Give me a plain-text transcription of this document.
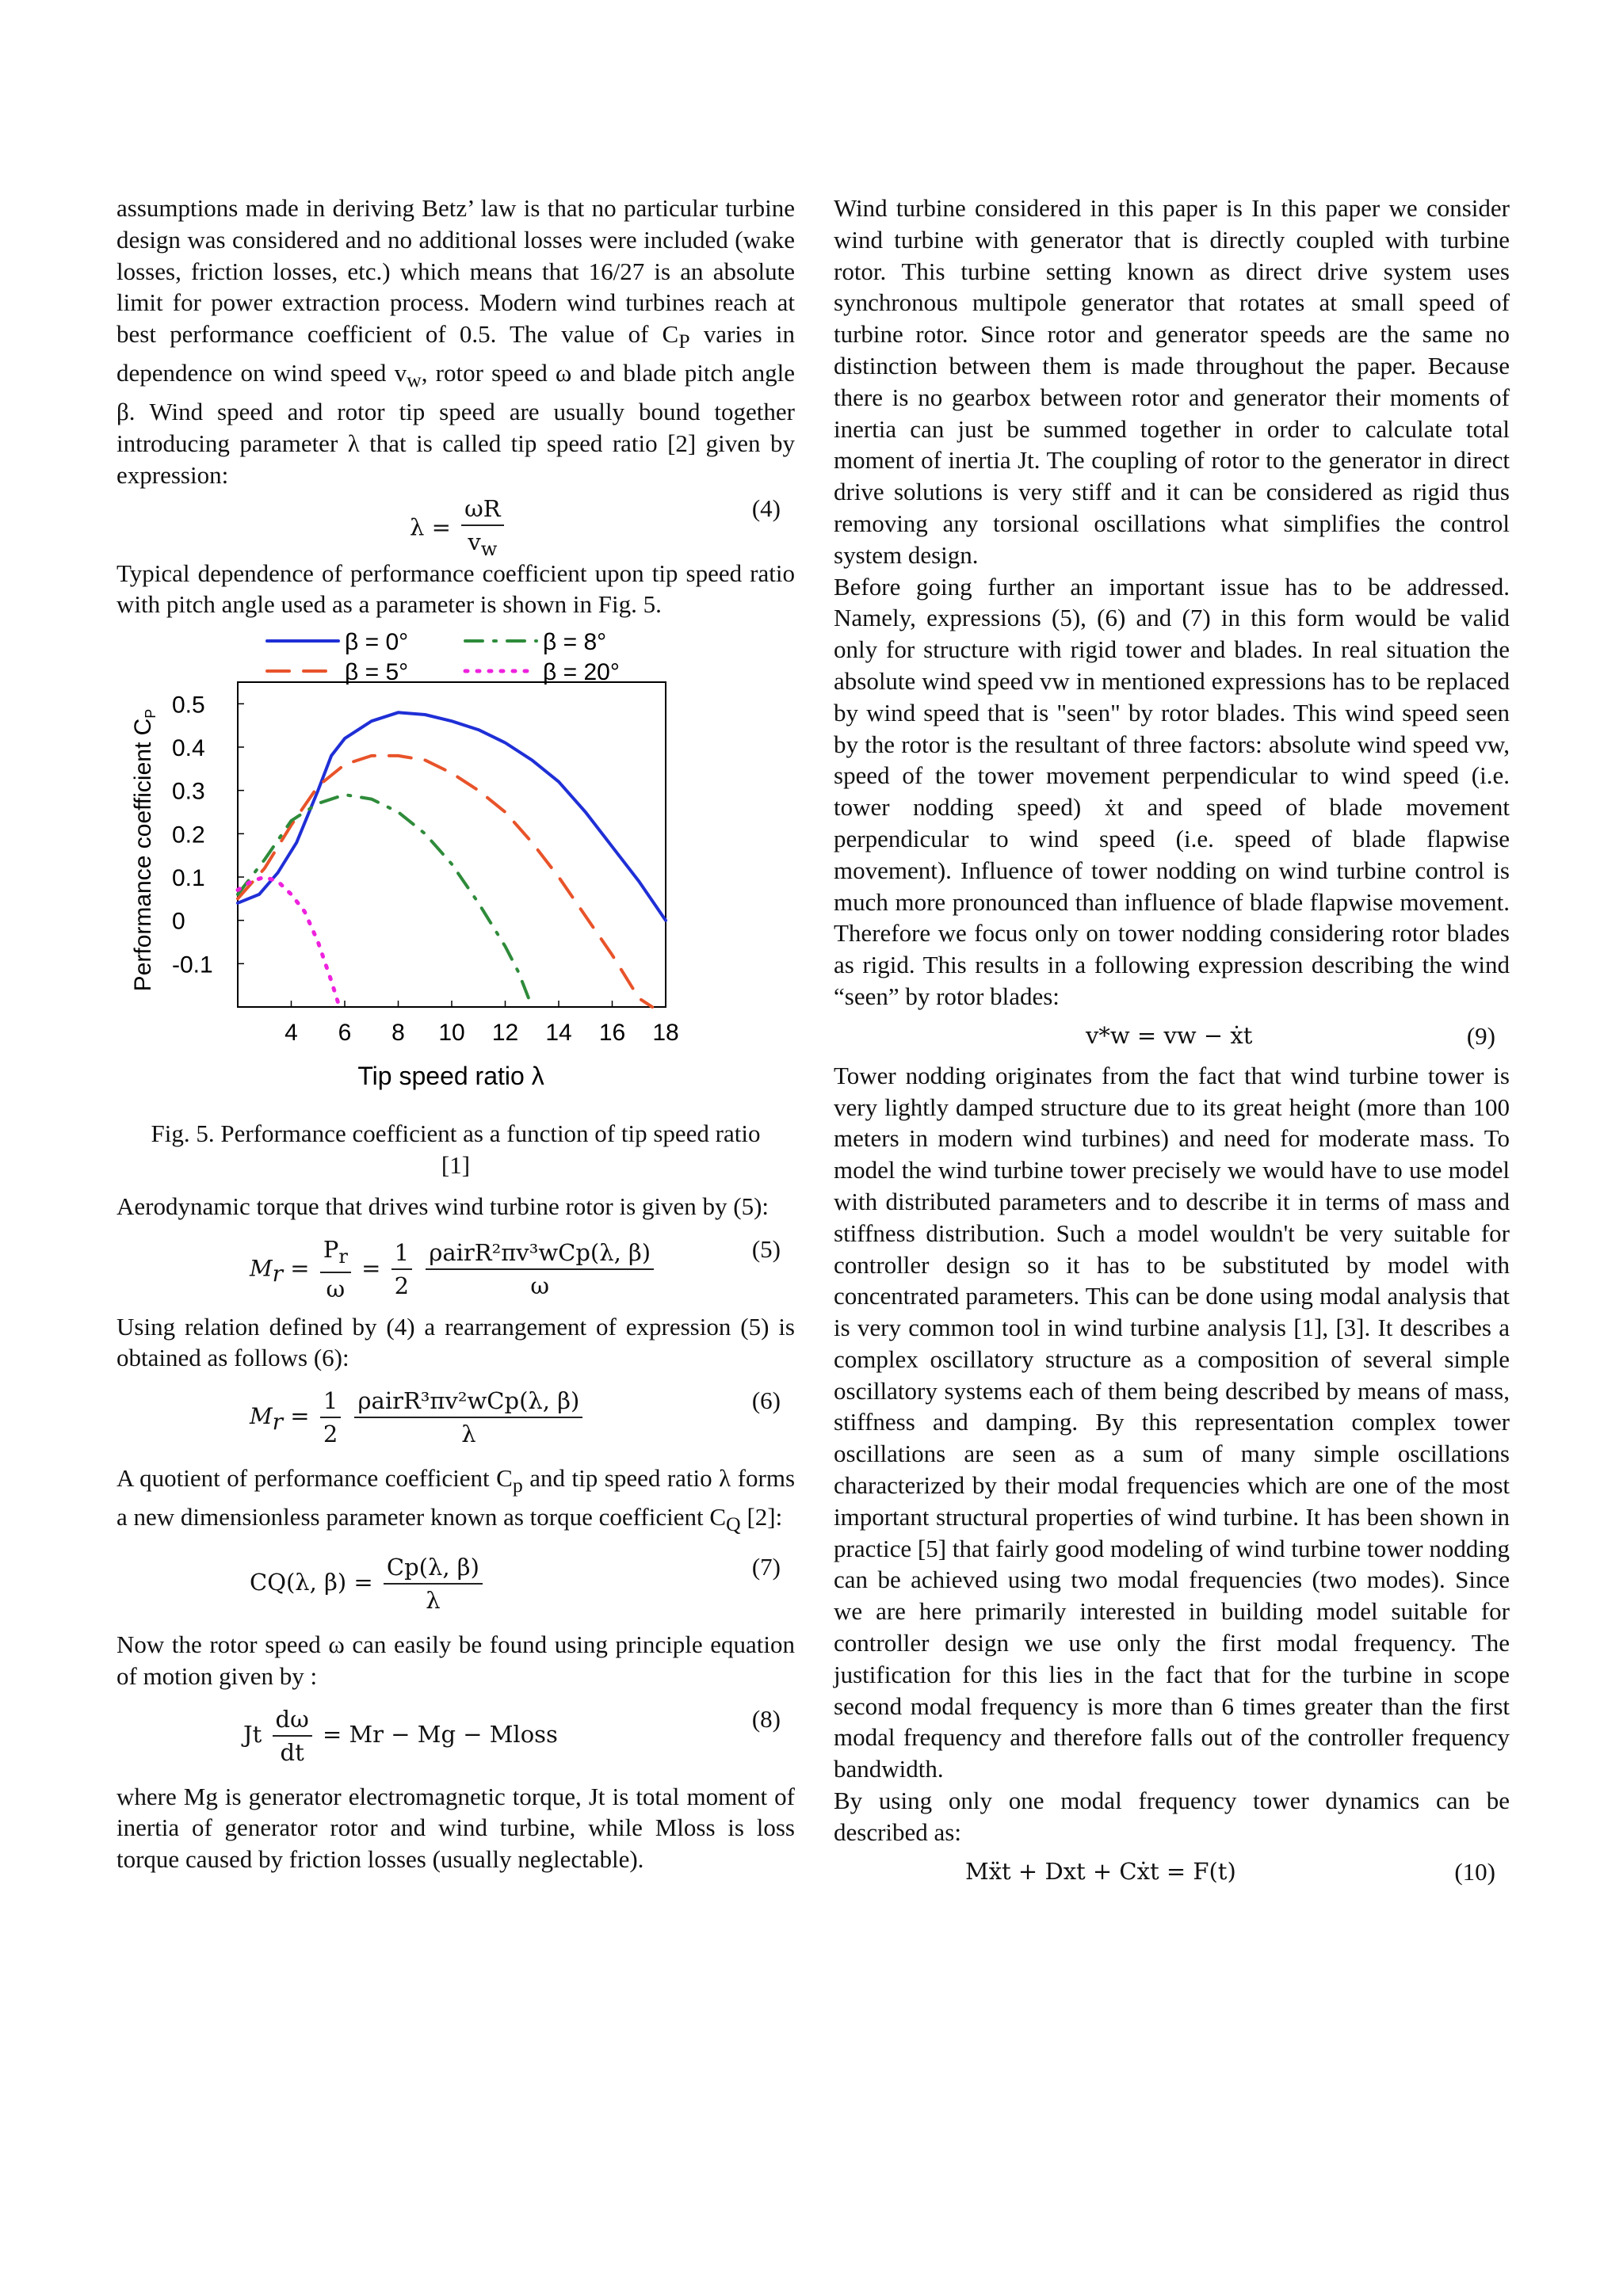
assumptions made in deriving Betz’ law is that no particular turbine design was considered and no additional losses were included (wake losses, friction losses, etc.) which means that 16/27 is an absolute limit for power extraction process. Modern wind turbines reach at best performance coefficient of 0.5. The value of $C_P$ varies in dependence on wind speed $v_w$, rotor speed ω and blade pitch angle β. Wind speed and rotor tip speed are usually bound together introducing parameter λ that is called tip speed ratio [2] given by expression:

$\lambda = \frac{\omega R}{v_w}$	(4)

Typical dependence of performance coefficient upon tip speed ratio with pitch angle used as a parameter is shown in Fig. 5.

β = 0°
β = 5°
β = 8°
β = 20°
4 6 8 10 12 14 16 18
0.5
0.4
0.3
0.2
0.1
0
-0.1
Performance coefficient $C_P$
Tip speed ratio λ

Fig. 5. Performance coefficient as a function of tip speed ratio [1]

Aerodynamic torque that drives wind turbine rotor is given by (5):

$M_r = \frac{P_r}{\omega} = \frac{1}{2}$
$\frac{\text{ρairR²πv³wCp(λ, β)}}{\omega}$	(5)

Using relation defined by (4) a rearrangement of expression (5) is obtained as follows (6):

$M_r = \frac{1}{2}$
$\frac{\text{ρairR³πv²wCp(λ, β)}}{\lambda}$	(6)

A quotient of performance coefficient $C_p$ and tip speed ratio λ forms a new dimensionless parameter known as torque coefficient $C_Q$ [2]:

CQ(λ, $\beta) = \frac{Cp(\lambda, \beta)}{\lambda}$	(7)

Now the rotor speed ω can easily be found using principle equation of motion given by :

Jt $\frac{d\omega}{dt} = Mr - Mg$ − Mloss
(8)

where Mg is generator electromagnetic torque, Jt is total moment of inertia of generator rotor and wind turbine, while Mloss is loss torque caused by friction losses (usually neglectable).

Wind turbine considered in this paper is In this paper we consider wind turbine with generator that is directly coupled with turbine rotor. This turbine setting known as direct drive system uses synchronous multipole generator that rotates at small speed of turbine rotor. Since rotor and generator speeds are the same no distinction between them is made throughout the paper. Because there is no gearbox between rotor and generator their moments of inertia can just be summed together in order to calculate total moment of inertia Jt. The coupling of rotor to the generator in direct drive solutions is very stiff and it can be considered as rigid thus removing any torsional oscillations what simplifies the control system design.

Before going further an important issue has to be addressed. Namely, expressions (5), (6) and (7) in this form would be valid only for structure with rigid tower and blades. In real situation the absolute wind speed vw in mentioned expressions has to be replaced by wind speed that is "seen" by rotor blades. This wind speed seen by the rotor is the resultant of three factors: absolute wind speed vw, speed of the tower movement perpendicular to wind speed (i.e. tower nodding speed) ẋt and speed of blade movement perpendicular to wind speed (i.e. speed of blade flapwise movement). Influence of tower nodding on wind turbine control is much more pronounced than influence of blade flapwise movement. Therefore we focus only on tower nodding considering rotor blades as rigid. This results in a following expression describing the wind “seen” by rotor blades:

v*w = vw − ẋt	(9)

Tower nodding originates from the fact that wind turbine tower is very lightly damped structure due to its great height (more than 100 meters in modern wind turbines) and need for moderate mass. To model the wind turbine tower precisely we would have to use model with distributed parameters and to describe it in terms of mass and stiffness distribution. Such a model wouldn't be very suitable for controller design so it has to be substituted by model with concentrated parameters. This can be done using modal analysis that is very common tool in wind turbine analysis [1], [3]. It describes a complex oscillatory structure as a composition of several simple oscillatory systems each of them being described by means of mass, stiffness and damping. By this representation complex tower oscillations are seen as a sum of many simple oscillations characterized by their modal frequencies which are one of the most important structural properties of wind turbine. It has been shown in practice [5] that fairly good modeling of wind turbine tower nodding can be achieved using two modal frequencies (two modes). Since we are here primarily interested in building model suitable for controller design we use only the first modal frequency. The justification for this lies in the fact that for the turbine in scope second modal frequency is more than 6 times greater than the first modal frequency and therefore falls out of the controller frequency bandwidth.

By using only one modal frequency tower dynamics can be described as:

Mẍt + Dxt + Cẋt = F(t)	(10)
